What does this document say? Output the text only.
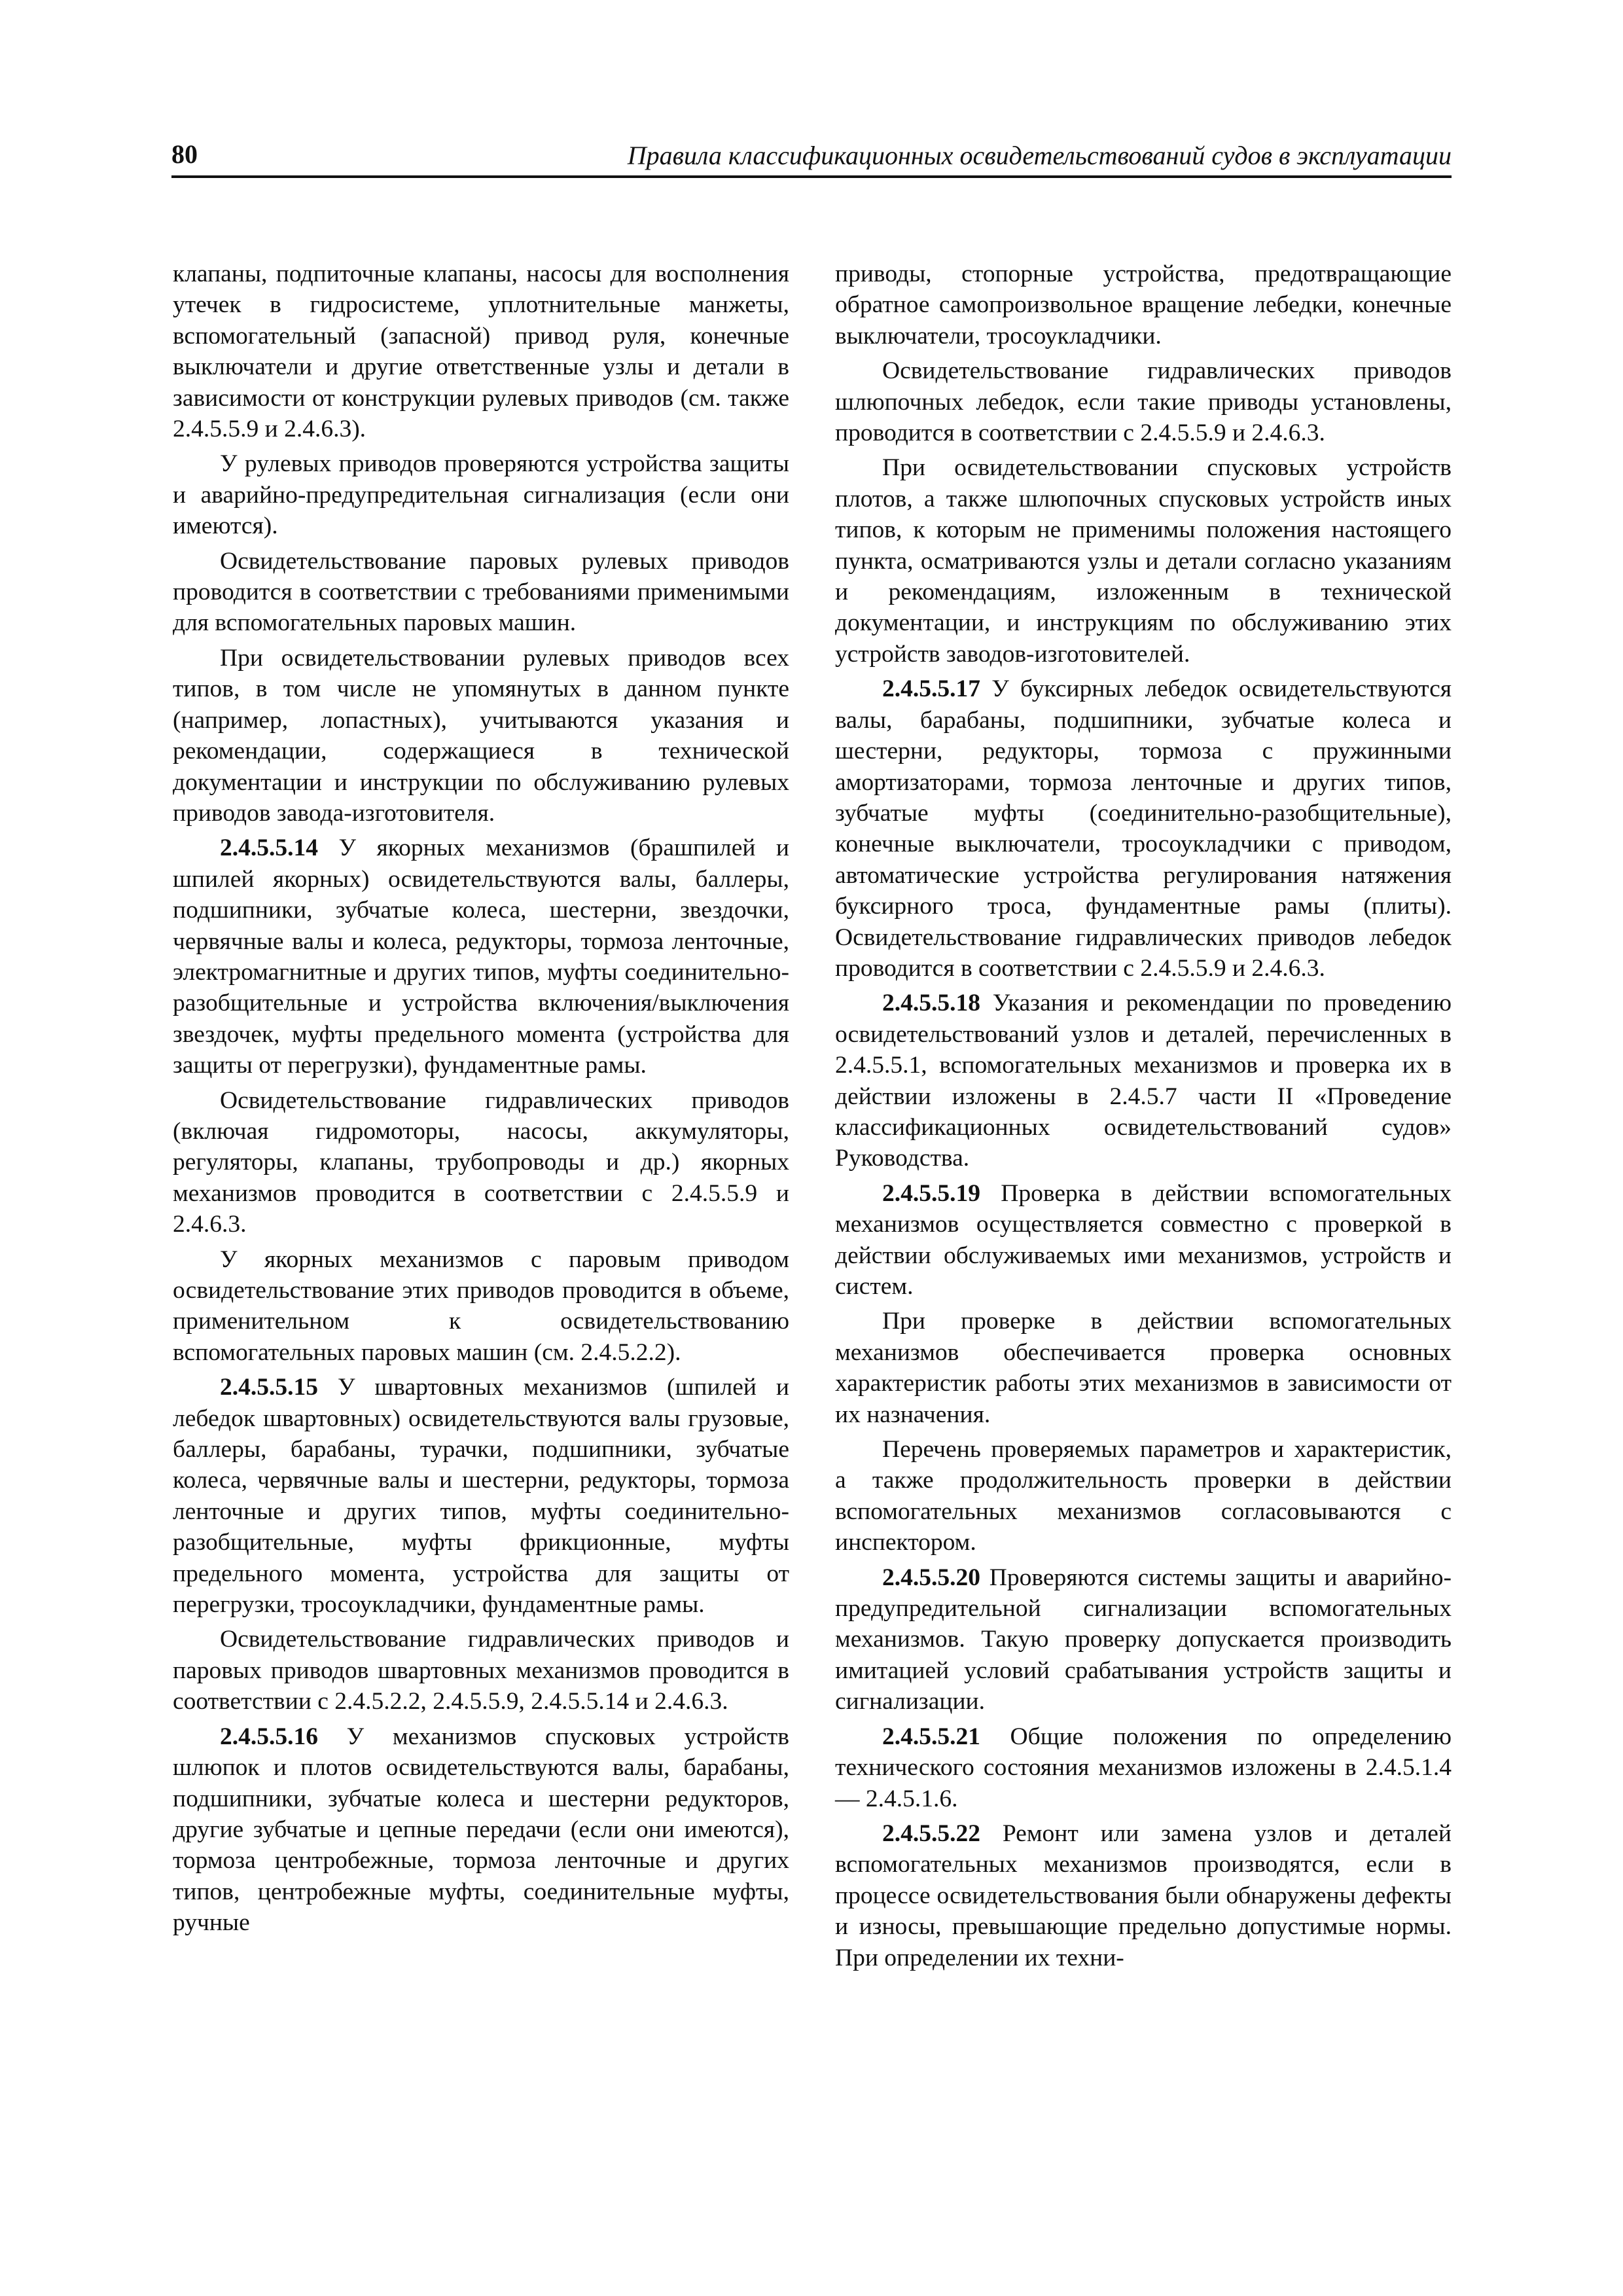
80	Правила классификационных освидетельствований судов в эксплуатации

клапаны, подпиточные клапаны, насосы для восполнения утечек в гидросистеме, уплотнительные манжеты, вспомогательный (запасной) привод руля, конечные выключатели и другие ответственные узлы и детали в зависимости от конструкции рулевых приводов (см. также 2.4.5.5.9 и 2.4.6.3).

У рулевых приводов проверяются устройства защиты и аварийно-предупредительная сигнализация (если они имеются).

Освидетельствование паровых рулевых приводов проводится в соответствии с требованиями применимыми для вспомогательных паровых машин.

При освидетельствовании рулевых приводов всех типов, в том числе не упомянутых в данном пункте (например, лопастных), учитываются указания и рекомендации, содержащиеся в технической документации и инструкции по обслуживанию рулевых приводов завода-изготовителя.

2.4.5.5.14 У якорных механизмов (брашпилей и шпилей якорных) освидетельствуются валы, баллеры, подшипники, зубчатые колеса, шестерни, звездочки, червячные валы и колеса, редукторы, тормоза ленточные, электромагнитные и других типов, муфты соединительно-разобщительные и устройства включения/выключения звездочек, муфты предельного момента (устройства для защиты от перегрузки), фундаментные рамы.

Освидетельствование гидравлических приводов (включая гидромоторы, насосы, аккумуляторы, регуляторы, клапаны, трубопроводы и др.) якорных механизмов проводится в соответствии с 2.4.5.5.9 и 2.4.6.3.

У якорных механизмов с паровым приводом освидетельствование этих приводов проводится в объеме, применительном к освидетельствованию вспомогательных паровых машин (см. 2.4.5.2.2).

2.4.5.5.15 У швартовных механизмов (шпилей и лебедок швартовных) освидетельствуются валы грузовые, баллеры, барабаны, турачки, подшипники, зубчатые колеса, червячные валы и шестерни, редукторы, тормоза ленточные и других типов, муфты соединительно-разобщительные, муфты фрикционные, муфты предельного момента, устройства для защиты от перегрузки, тросоукладчики, фундаментные рамы.

Освидетельствование гидравлических приводов и паровых приводов швартовных механизмов проводится в соответствии с 2.4.5.2.2, 2.4.5.5.9, 2.4.5.5.14 и 2.4.6.3.

2.4.5.5.16 У механизмов спусковых устройств шлюпок и плотов освидетельствуются валы, барабаны, подшипники, зубчатые колеса и шестерни редукторов, другие зубчатые и цепные передачи (если они имеются), тормоза центробежные, тормоза ленточные и других типов, центробежные муфты, соединительные муфты, ручные

приводы, стопорные устройства, предотвращающие обратное самопроизвольное вращение лебедки, конечные выключатели, тросоукладчики.

Освидетельствование гидравлических приводов шлюпочных лебедок, если такие приводы установлены, проводится в соответствии с 2.4.5.5.9 и 2.4.6.3.

При освидетельствовании спусковых устройств плотов, а также шлюпочных спусковых устройств иных типов, к которым не применимы положения настоящего пункта, осматриваются узлы и детали согласно указаниям и рекомендациям, изложенным в технической документации, и инструкциям по обслуживанию этих устройств заводов-изготовителей.

2.4.5.5.17 У буксирных лебедок освидетельствуются валы, барабаны, подшипники, зубчатые колеса и шестерни, редукторы, тормоза с пружинными амортизаторами, тормоза ленточные и других типов, зубчатые муфты (соединительно-разобщительные), конечные выключатели, тросоукладчики с приводом, автоматические устройства регулирования натяжения буксирного троса, фундаментные рамы (плиты). Освидетельствование гидравлических приводов лебедок проводится в соответствии с 2.4.5.5.9 и 2.4.6.3.

2.4.5.5.18 Указания и рекомендации по проведению освидетельствований узлов и деталей, перечисленных в 2.4.5.5.1, вспомогательных механизмов и проверка их в действии изложены в 2.4.5.7 части II «Проведение классификационных освидетельствований судов» Руководства.

2.4.5.5.19 Проверка в действии вспомогательных механизмов осуществляется совместно с проверкой в действии обслуживаемых ими механизмов, устройств и систем.

При проверке в действии вспомогательных механизмов обеспечивается проверка основных характеристик работы этих механизмов в зависимости от их назначения.

Перечень проверяемых параметров и характеристик, а также продолжительность проверки в действии вспомогательных механизмов согласовываются с инспектором.

2.4.5.5.20 Проверяются системы защиты и аварийно-предупредительной сигнализации вспомогательных механизмов. Такую проверку допускается производить имитацией условий срабатывания устройств защиты и сигнализации.

2.4.5.5.21 Общие положения по определению технического состояния механизмов изложены в 2.4.5.1.4 — 2.4.5.1.6.

2.4.5.5.22 Ремонт или замена узлов и деталей вспомогательных механизмов производятся, если в процессе освидетельствования были обнаружены дефекты и износы, превышающие предельно допустимые нормы. При определении их техни-
